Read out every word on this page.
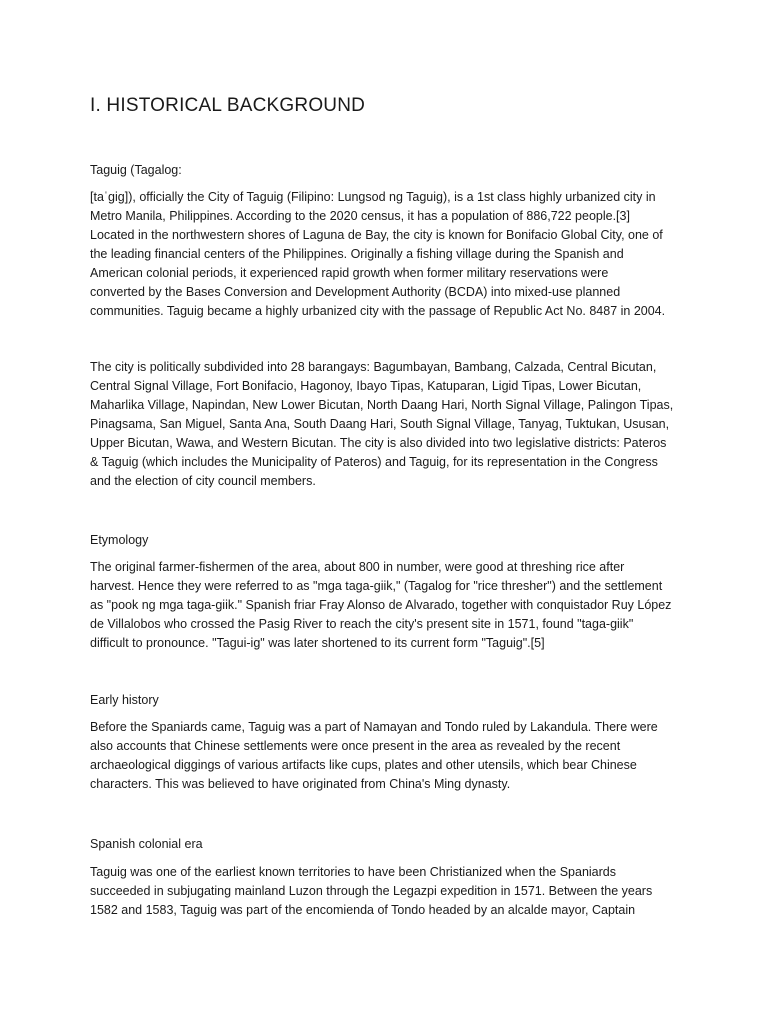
I. HISTORICAL BACKGROUND
Taguig (Tagalog:

[taˈgig]), officially the City of Taguig (Filipino: Lungsod ng Taguig), is a 1st class highly urbanized city in
Metro Manila, Philippines. According to the 2020 census, it has a population of 886,722 people.[3]
Located in the northwestern shores of Laguna de Bay, the city is known for Bonifacio Global City, one of
the leading financial centers of the Philippines. Originally a fishing village during the Spanish and
American colonial periods, it experienced rapid growth when former military reservations were
converted by the Bases Conversion and Development Authority (BCDA) into mixed-use planned
communities. Taguig became a highly urbanized city with the passage of Republic Act No. 8487 in 2004.

The city is politically subdivided into 28 barangays: Bagumbayan, Bambang, Calzada, Central Bicutan,
Central Signal Village, Fort Bonifacio, Hagonoy, Ibayo Tipas, Katuparan, Ligid Tipas, Lower Bicutan,
Maharlika Village, Napindan, New Lower Bicutan, North Daang Hari, North Signal Village, Palingon Tipas,
Pinagsama, San Miguel, Santa Ana, South Daang Hari, South Signal Village, Tanyag, Tuktukan, Ususan,
Upper Bicutan, Wawa, and Western Bicutan. The city is also divided into two legislative districts: Pateros
& Taguig (which includes the Municipality of Pateros) and Taguig, for its representation in the Congress
and the election of city council members.

Etymology

The original farmer-fishermen of the area, about 800 in number, were good at threshing rice after
harvest. Hence they were referred to as "mga taga-giik," (Tagalog for "rice thresher") and the settlement
as "pook ng mga taga-giik." Spanish friar Fray Alonso de Alvarado, together with conquistador Ruy López
de Villalobos who crossed the Pasig River to reach the city's present site in 1571, found "taga-giik"
difficult to pronounce. "Tagui-ig" was later shortened to its current form "Taguig".[5]

Early history

Before the Spaniards came, Taguig was a part of Namayan and Tondo ruled by Lakandula. There were
also accounts that Chinese settlements were once present in the area as revealed by the recent
archaeological diggings of various artifacts like cups, plates and other utensils, which bear Chinese
characters. This was believed to have originated from China's Ming dynasty.

Spanish colonial era

Taguig was one of the earliest known territories to have been Christianized when the Spaniards
succeeded in subjugating mainland Luzon through the Legazpi expedition in 1571. Between the years
1582 and 1583, Taguig was part of the encomienda of Tondo headed by an alcalde mayor, Captain
